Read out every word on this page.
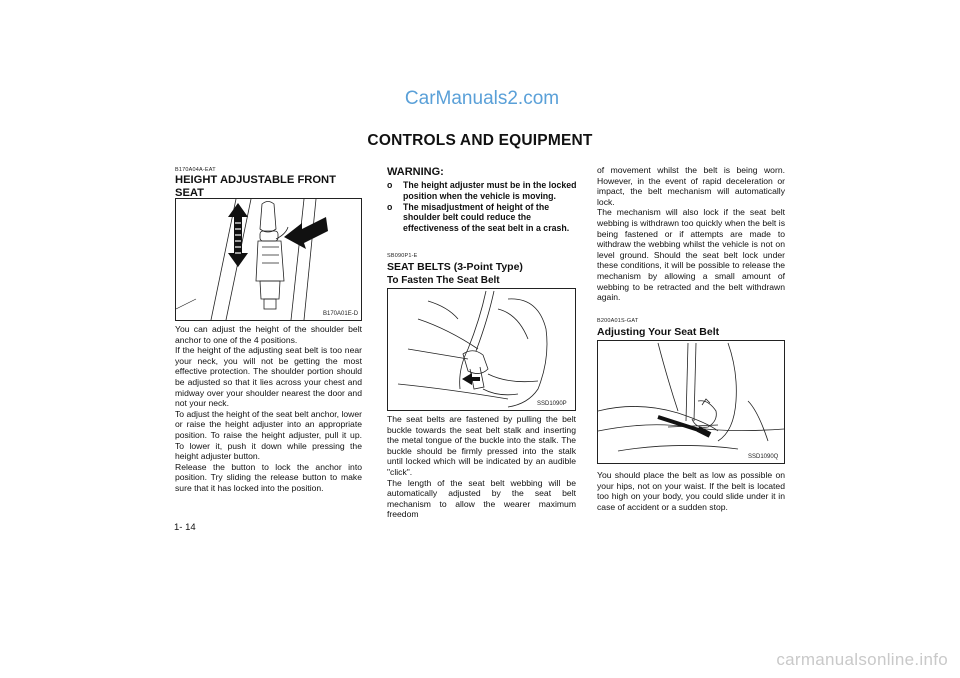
CarManuals2.com
CONTROLS AND EQUIPMENT
B170A04A-EAT
HEIGHT ADJUSTABLE FRONT SEAT
B170A01E-D

You can adjust the height of the shoulder belt anchor to one of the 4 positions.

If the height of the adjusting seat belt is too near your neck, you will not be getting the most effective protection. The shoulder portion should be adjusted so that it lies across your chest and midway over your shoulder nearest the door and not your neck.

To adjust the height of the seat belt anchor, lower or raise the height adjuster into an appropriate position. To raise the height adjuster, pull it up. To lower it, push it down while pressing the height adjuster button.

Release the button to lock the anchor into position. Try sliding the release button to make sure that it has locked into the position.

1- 14
WARNING:
o	The height adjuster must be in the locked position when the vehicle is moving.
o	The misadjustment of height of the shoulder belt could reduce the effectiveness of the seat belt in a crash.
SB090P1-E
SEAT BELTS (3-Point Type)
To Fasten The Seat Belt
SSD1090P

The seat belts are fastened by pulling the belt buckle towards the seat belt stalk and inserting the metal tongue of the buckle into the stalk. The buckle should be firmly pressed into the stalk until locked which will be indicated by an audible "click".

The length of the seat belt webbing will be automatically adjusted by the seat belt mechanism to allow the wearer maximum freedom

of movement whilst the belt is being worn. However, in the event of rapid deceleration or impact, the belt mechanism will automatically lock.

The mechanism will also lock if the seat belt webbing is withdrawn too quickly when the belt is being fastened or if attempts are made to withdraw the webbing whilst the vehicle is not on level ground. Should the seat belt lock under these conditions, it will be possible to release the mechanism by allowing a small amount of webbing to be retracted and the belt withdrawn again.

B200A01S-GAT
Adjusting Your Seat Belt
SSD1090Q

You should place the belt as low as possible on your hips, not on your waist. If the belt is located too high on your body, you could slide under it in case of accident or a sudden stop.

carmanualsonline.info
